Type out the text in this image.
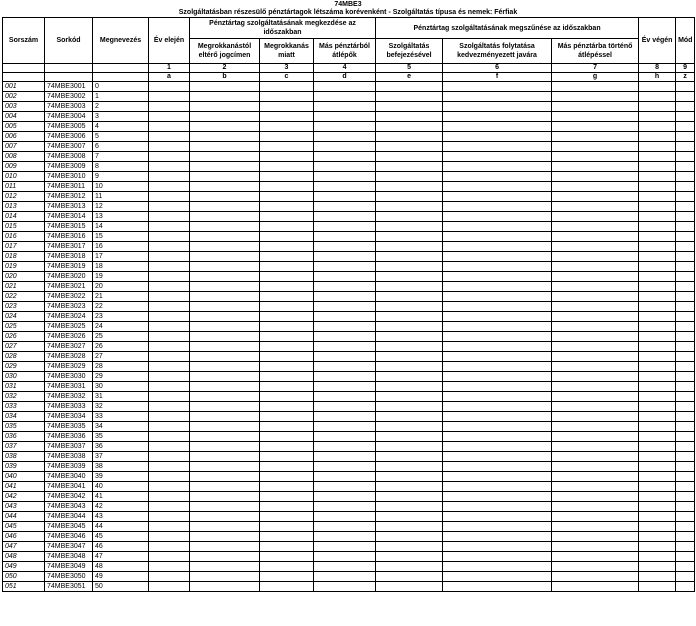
74MBE3
Szolgáltatásban részesülő pénztártagok létszáma korévenként - Szolgáltatás típusa és nemek: Férfiak
Sorszám	Sorkód	Megnevezés	Év elején	Pénztártag szolgáltatásának megkezdése az időszakban			Pénztártag szolgáltatásának megszűnése az időszakban			Év végén	Mód
				Megrokkanástól eltérő jogcímen	Megrokkanás miatt	Más pénztárból átlépők	Szolgáltatás befejezésével	Szolgáltatás folytatása kedvezményezett javára	Más pénztárba történő átlépéssel		
			1	2	3	4	5	6	7	8	9
			a	b	c	d	e	f	g	h	z
001	74MBE3001	0									
002	74MBE3002	1									
003	74MBE3003	2									
004	74MBE3004	3									
005	74MBE3005	4									
006	74MBE3006	5									
007	74MBE3007	6									
008	74MBE3008	7									
009	74MBE3009	8									
010	74MBE3010	9									
011	74MBE3011	10									
012	74MBE3012	11									
013	74MBE3013	12									
014	74MBE3014	13									
015	74MBE3015	14									
016	74MBE3016	15									
017	74MBE3017	16									
018	74MBE3018	17									
019	74MBE3019	18									
020	74MBE3020	19									
021	74MBE3021	20									
022	74MBE3022	21									
023	74MBE3023	22									
024	74MBE3024	23									
025	74MBE3025	24									
026	74MBE3026	25									
027	74MBE3027	26									
028	74MBE3028	27									
029	74MBE3029	28									
030	74MBE3030	29									
031	74MBE3031	30									
032	74MBE3032	31									
033	74MBE3033	32									
034	74MBE3034	33									
035	74MBE3035	34									
036	74MBE3036	35									
037	74MBE3037	36									
038	74MBE3038	37									
039	74MBE3039	38									
040	74MBE3040	39									
041	74MBE3041	40									
042	74MBE3042	41									
043	74MBE3043	42									
044	74MBE3044	43									
045	74MBE3045	44									
046	74MBE3046	45									
047	74MBE3047	46									
048	74MBE3048	47									
049	74MBE3049	48									
050	74MBE3050	49									
051	74MBE3051	50									
